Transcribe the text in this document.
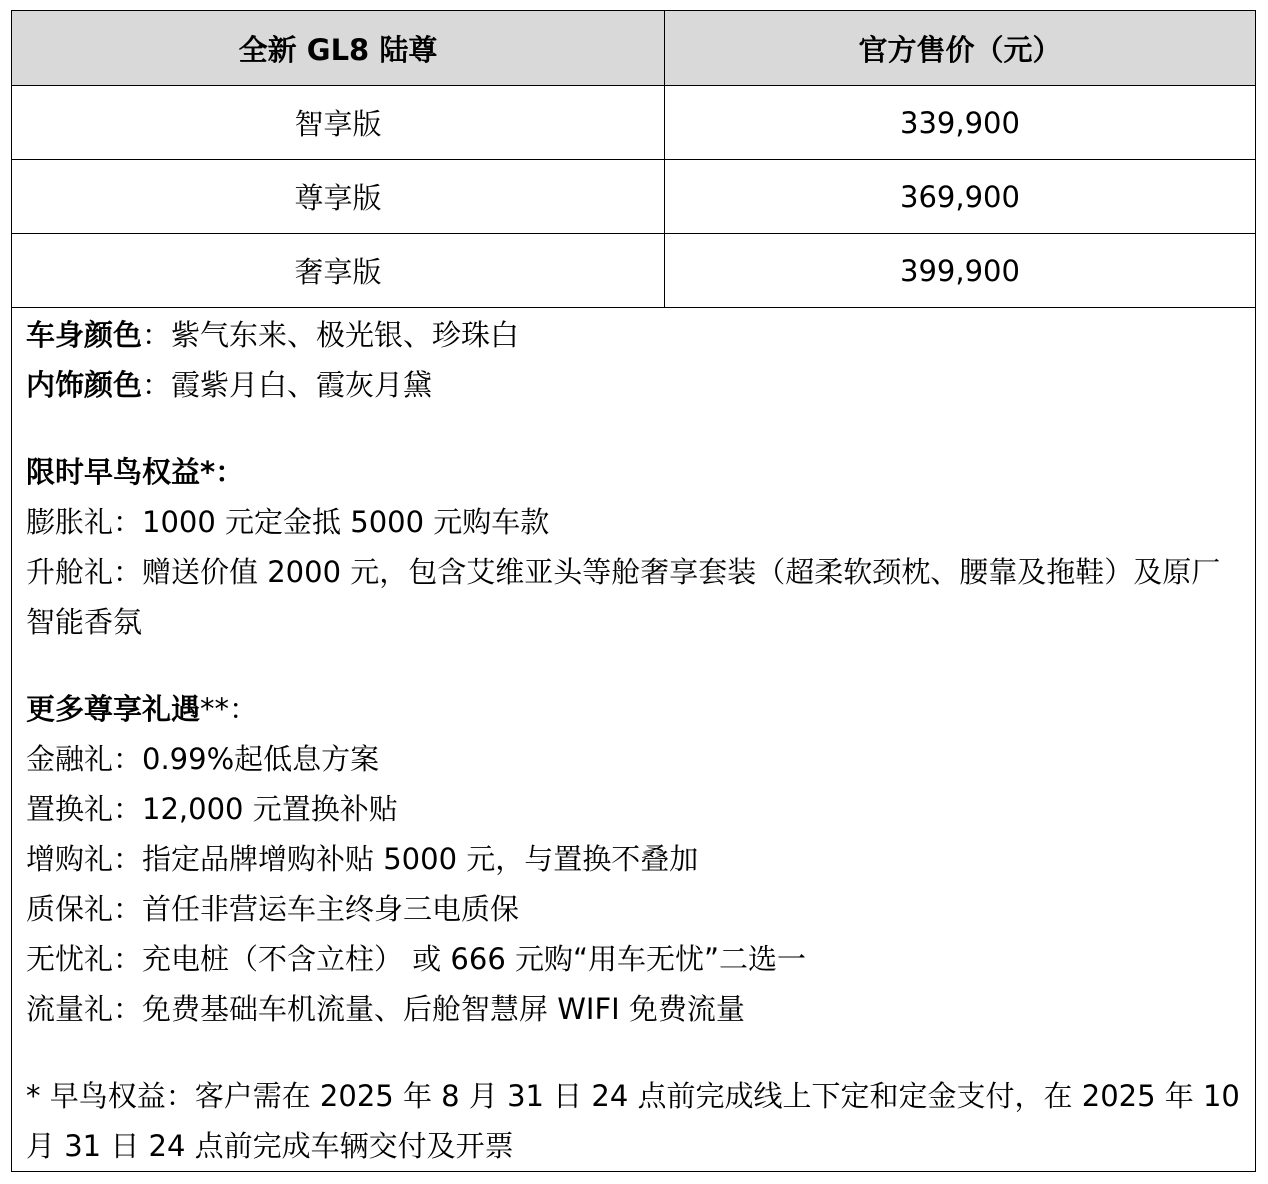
全新 GL8 陆尊	官方售价（元）
智享版	339,900
尊享版	369,900
奢享版	399,900
车身颜色：紫气东来、极光银、珍珠白
内饰颜色：霞紫月白、霞灰月黛
限时早鸟权益*：
膨胀礼：1000 元定金抵 5000 元购车款
升舱礼：赠送价值 2000 元，包含艾维亚头等舱奢享套装（超柔软颈枕、腰靠及拖鞋）及原厂智能香氛
更多尊享礼遇**：
金融礼：0.99%起低息方案
置换礼：12,000 元置换补贴
增购礼：指定品牌增购补贴 5000 元，与置换不叠加
质保礼：首任非营运车主终身三电质保
无忧礼：充电桩（不含立柱） 或 666 元购“用车无忧”二选一
流量礼：免费基础车机流量、后舱智慧屏 WIFI 免费流量
* 早鸟权益：客户需在 2025 年 8 月 31 日 24 点前完成线上下定和定金支付，在 2025 年 10 月 31 日 24 点前完成车辆交付及开票
